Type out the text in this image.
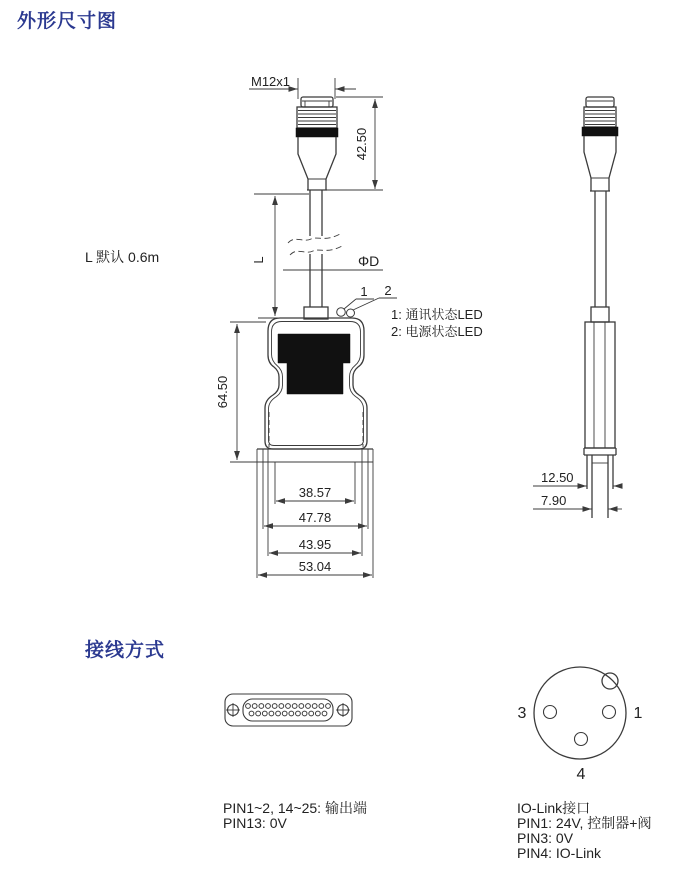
外形尺寸图
接线方式
M12x1
42.50
L
L 默认 0.6m	ΦD
1 2
1: 通讯状态LED
2: 电源状态LED
64.50
38.57
47.78
43.95
53.04
12.50
7.90
PIN1~2, 14~25: 输出端
PIN13: 0V
3	1
4
IO-Link接口
PIN1: 24V, 控制器+阀
PIN3: 0V
PIN4: IO-Link
